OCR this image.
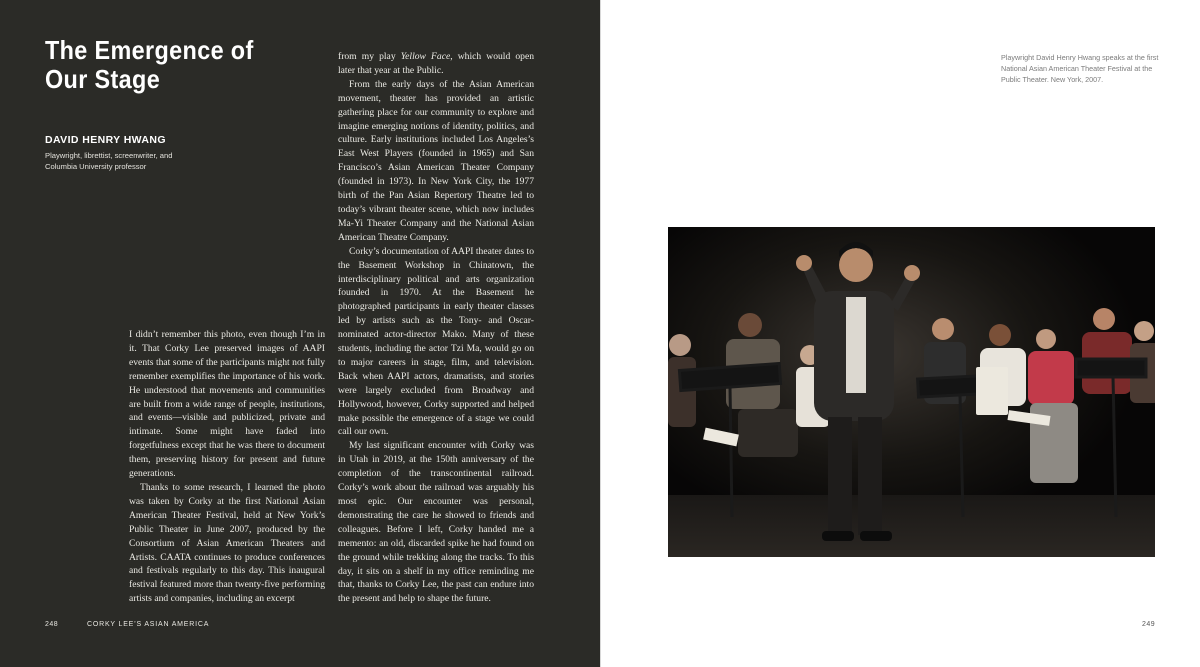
The Emergence of Our Stage
DAVID HENRY HWANG
Playwright, librettist, screenwriter, and Columbia University professor

I didn’t remember this photo, even though I’m in it. That Corky Lee preserved images of AAPI events that some of the participants might not fully remember exemplifies the importance of his work. He understood that movements and communities are built from a wide range of people, institutions, and events—visible and publicized, private and intimate. Some might have faded into forgetfulness except that he was there to document them, preserving history for present and future generations.

Thanks to some research, I learned the photo was taken by Corky at the first National Asian American Theater Festival, held at New York’s Public Theater in June 2007, produced by the Consortium of Asian American Theaters and Artists. CAATA continues to produce conferences and festivals regularly to this day. This inaugural festival featured more than twenty-five performing artists and companies, including an excerpt

from my play Yellow Face, which would open later that year at the Public.

From the early days of the Asian American movement, theater has provided an artistic gathering place for our community to explore and imagine emerging notions of identity, politics, and culture. Early institutions included Los Angeles’s East West Players (founded in 1965) and San Francisco’s Asian American Theater Company (founded in 1973). In New York City, the 1977 birth of the Pan Asian Repertory Theatre led to today’s vibrant theater scene, which now includes Ma-Yi Theater Company and the National Asian American Theatre Company.

Corky’s documentation of AAPI theater dates to the Basement Workshop in Chinatown, the interdisciplinary political and arts organization founded in 1970. At the Basement he photographed participants in early theater classes led by artists such as the Tony- and Oscar-nominated actor-director Mako. Many of these students, including the actor Tzi Ma, would go on to major careers in stage, film, and television. Back when AAPI actors, dramatists, and stories were largely excluded from Broadway and Hollywood, however, Corky supported and helped make possible the emergence of a stage we could call our own.

My last significant encounter with Corky was in Utah in 2019, at the 150th anniversary of the completion of the transcontinental railroad. Corky’s work about the railroad was arguably his most epic. Our encounter was personal, demonstrating the care he showed to friends and colleagues. Before I left, Corky handed me a memento: an old, discarded spike he had found on the ground while trekking along the tracks. To this day, it sits on a shelf in my office reminding me that, thanks to Corky Lee, the past can endure into the present and help to shape the future.

248	CORKY LEE’S ASIAN AMERICA
Playwright David Henry Hwang speaks at the first National Asian American Theater Festival at the Public Theater. New York, 2007.
249
